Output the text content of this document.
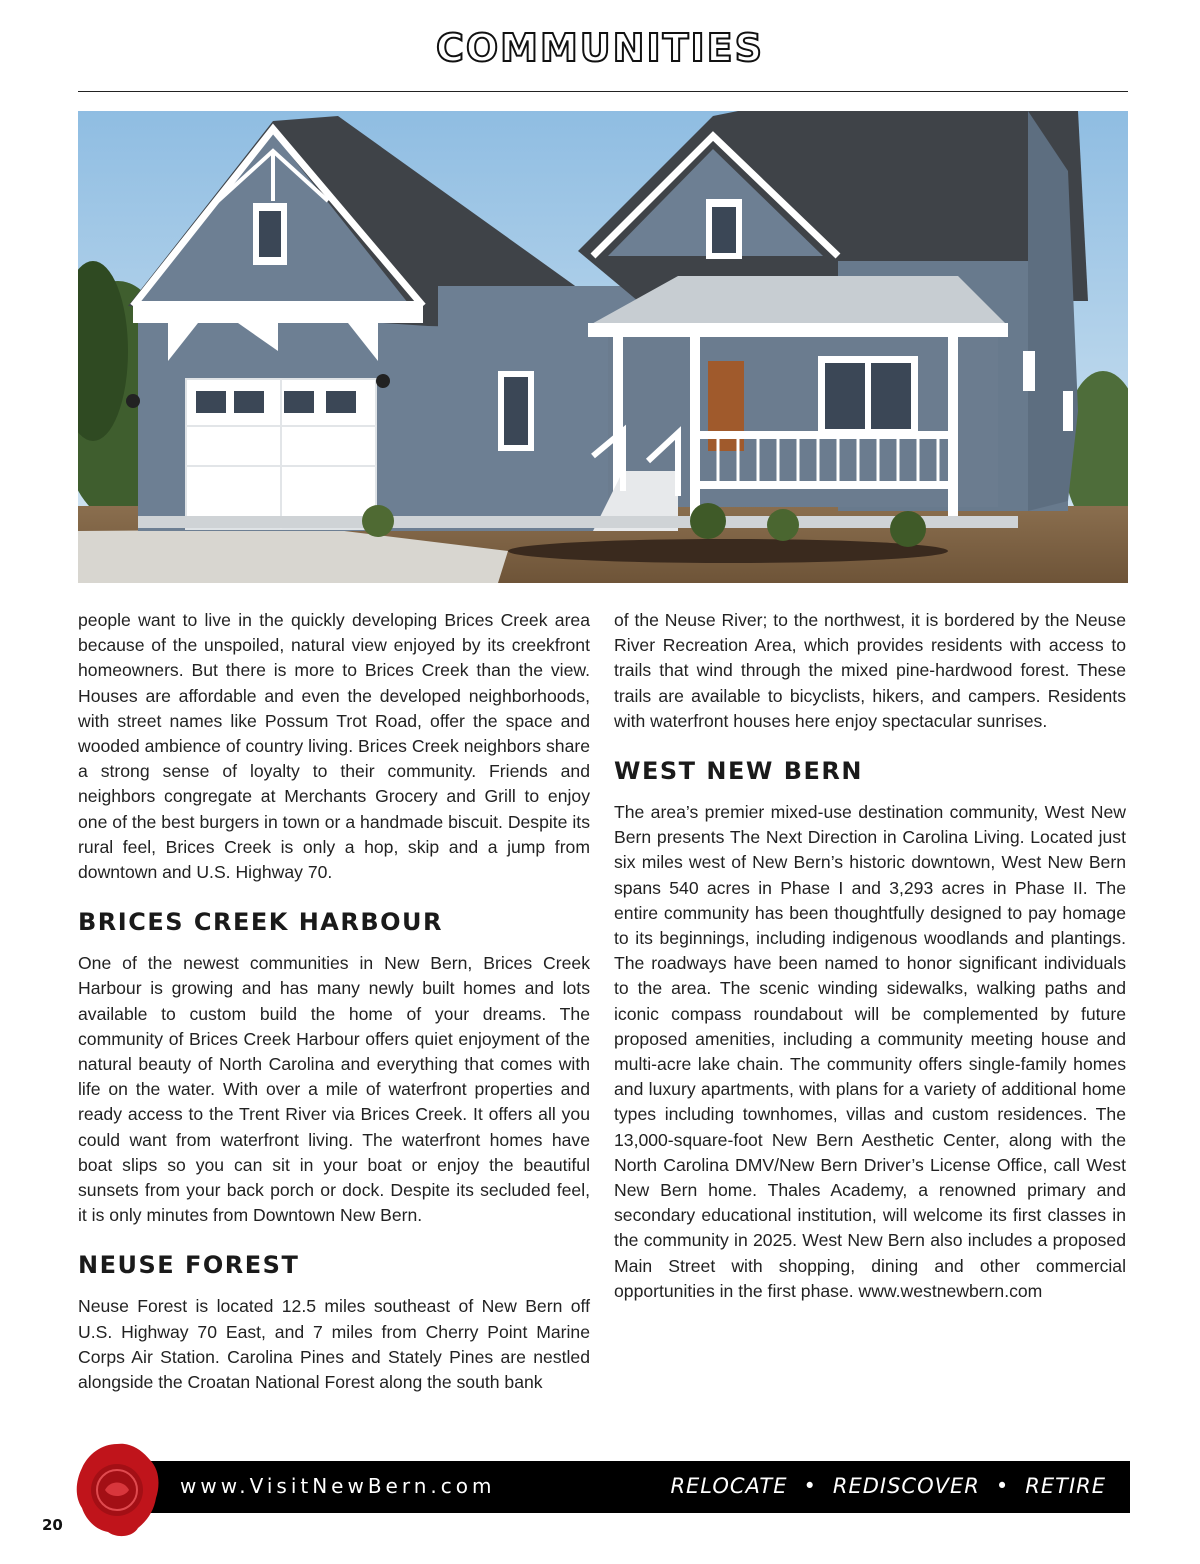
COMMUNITIES

people want to live in the quickly developing Brices Creek area because of the unspoiled, natural view enjoyed by its creekfront homeowners. But there is more to Brices Creek than the view. Houses are affordable and even the developed neighborhoods, with street names like Possum Trot Road, offer the space and wooded ambience of country living. Brices Creek neighbors share a strong sense of loyalty to their community. Friends and neighbors congregate at Merchants Grocery and Grill to enjoy one of the best burgers in town or a handmade biscuit. Despite its rural feel, Brices Creek is only a hop, skip and a jump from downtown and U.S. Highway 70.

BRICES CREEK HARBOUR

One of the newest communities in New Bern, Brices Creek Harbour is growing and has many newly built homes and lots available to custom build the home of your dreams. The community of Brices Creek Harbour offers quiet enjoyment of the natural beauty of North Carolina and everything that comes with life on the water. With over a mile of waterfront properties and ready access to the Trent River via Brices Creek. It offers all you could want from waterfront living. The waterfront homes have boat slips so you can sit in your boat or enjoy the beautiful sunsets from your back porch or dock. Despite its secluded feel, it is only minutes from Downtown New Bern.

NEUSE FOREST

Neuse Forest is located 12.5 miles southeast of New Bern off U.S. Highway 70 East, and 7 miles from Cherry Point Marine Corps Air Station. Carolina Pines and Stately Pines are nestled alongside the Croatan National Forest along the south bank

of the Neuse River; to the northwest, it is bordered by the Neuse River Recreation Area, which provides residents with access to trails that wind through the mixed pine-hardwood forest. These trails are available to bicyclists, hikers, and campers. Residents with waterfront houses here enjoy spectacular sunrises.

WEST NEW BERN

The area’s premier mixed-use destination community, West New Bern presents The Next Direction in Carolina Living. Located just six miles west of New Bern’s historic downtown, West New Bern spans 540 acres in Phase I and 3,293 acres in Phase II. The entire community has been thoughtfully designed to pay homage to its beginnings, including indigenous woodlands and plantings. The roadways have been named to honor significant individuals to the area. The scenic winding sidewalks, walking paths and iconic compass roundabout will be complemented by future proposed amenities, including a community meeting house and multi-acre lake chain. The community offers single-family homes and luxury apartments, with plans for a variety of additional home types including townhomes, villas and custom residences. The 13,000-square-foot New Bern Aesthetic Center, along with the North Carolina DMV/New Bern Driver’s License Office, call West New Bern home. Thales Academy, a renowned primary and secondary educational institution, will welcome its first classes in the community in 2025. West New Bern also includes a proposed Main Street with shopping, dining and other commercial opportunities in the first phase. www.westnewbern.com

www.VisitNewBern.com	RELOCATE • REDISCOVER • RETIRE
20
